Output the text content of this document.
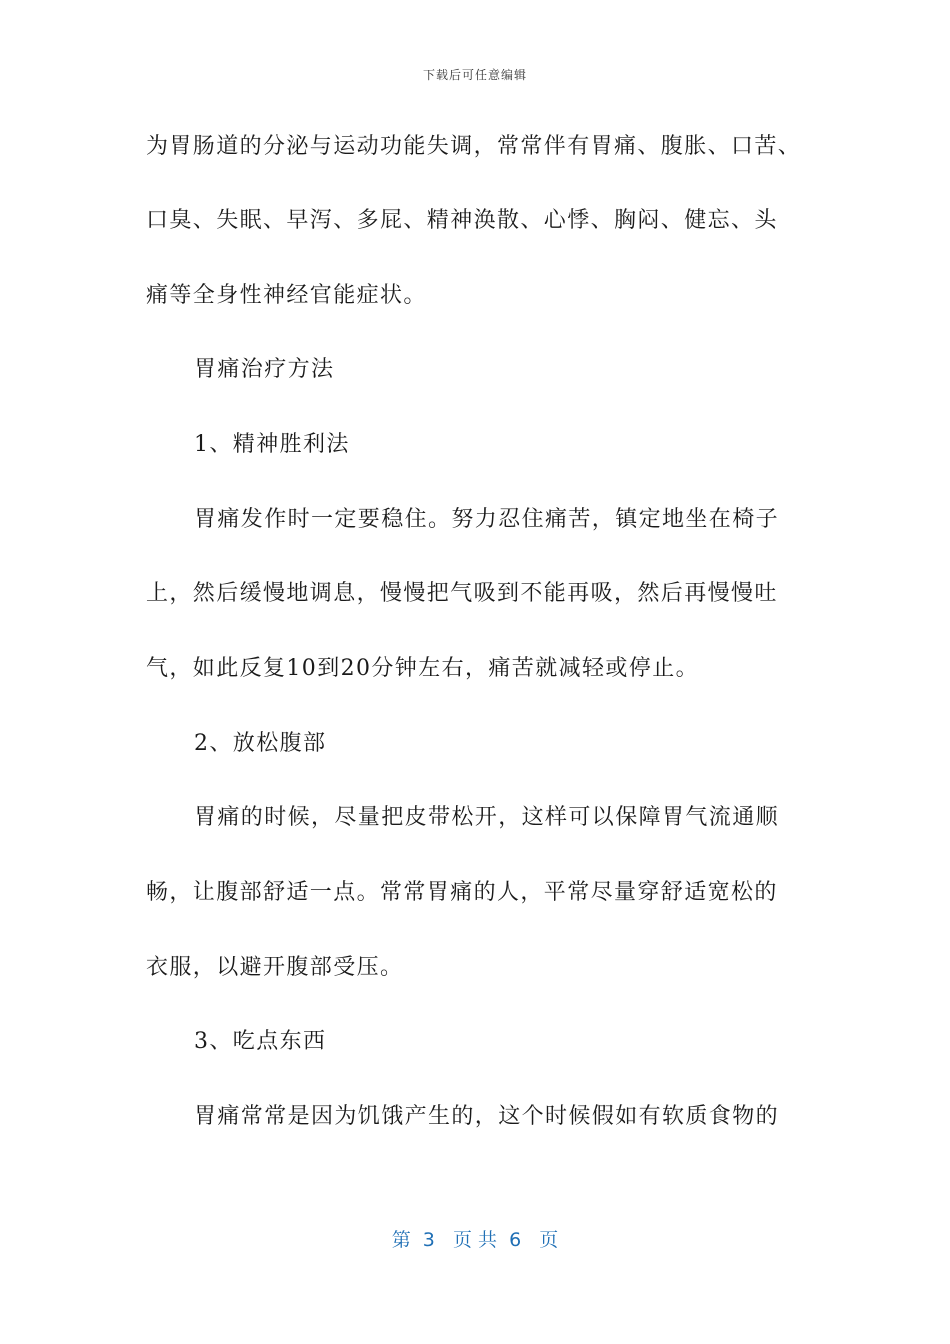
下载后可任意编辑
为胃肠道的分泌与运动功能失调，常常伴有胃痛、腹胀、口苦、
口臭、失眠、早泻、多屁、精神涣散、心悸、胸闷、健忘、头
痛等全身性神经官能症状。
胃痛治疗方法
1、精神胜利法
胃痛发作时一定要稳住。努力忍住痛苦，镇定地坐在椅子
上，然后缓慢地调息，慢慢把气吸到不能再吸，然后再慢慢吐
气，如此反复10到20分钟左右，痛苦就减轻或停止。
2、放松腹部
胃痛的时候，尽量把皮带松开，这样可以保障胃气流通顺
畅，让腹部舒适一点。常常胃痛的人，平常尽量穿舒适宽松的
衣服，以避开腹部受压。
3、吃点东西
胃痛常常是因为饥饿产生的，这个时候假如有软质食物的
第  3   页 共  6   页
